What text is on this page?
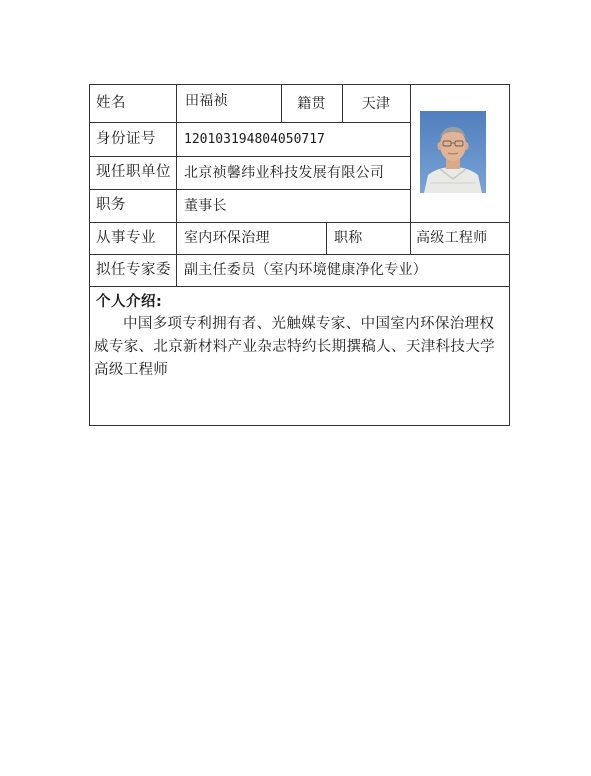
姓名	田福祯	籍贯	天津
身份证号	120103194804050717
现任职单位 北京祯馨纬业科技发展有限公司
职务	董事长
从事专业	室内环保治理	职称	高级工程师
拟任专家委 副主任委员（室内环境健康净化专业）
个人介绍:
中国多项专利拥有者、光触媒专家、中国室内环保治理权威专家、北京新材料产业杂志特约长期撰稿人、天津科技大学高级工程师
